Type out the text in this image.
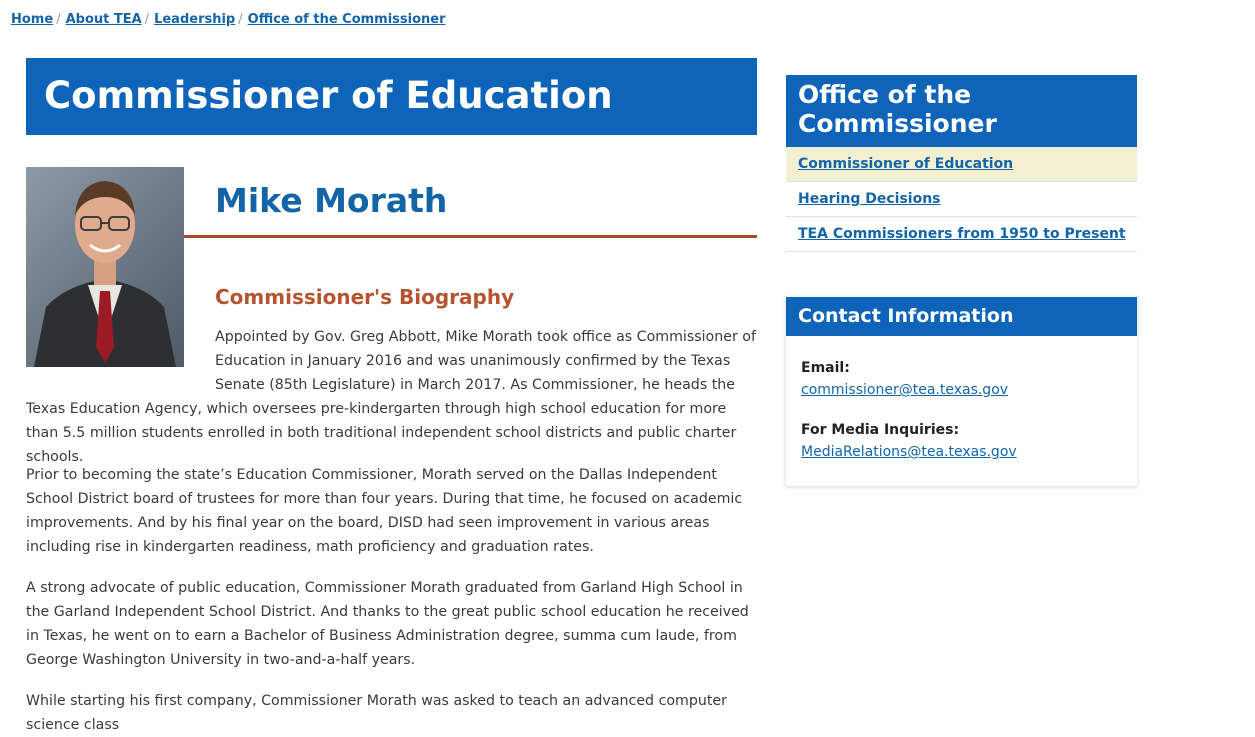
Home / About TEA / Leadership / Office of the Commissioner
Commissioner of Education
Mike Morath
Commissioner's Biography

Appointed by Gov. Greg Abbott, Mike Morath took office as Commissioner of Education in January 2016 and was unanimously confirmed by the Texas Senate (85th Legislature) in March 2017. As Commissioner, he heads the Texas Education Agency, which oversees pre-kindergarten through high school education for more than 5.5 million students enrolled in both traditional independent school districts and public charter schools.

Prior to becoming the state’s Education Commissioner, Morath served on the Dallas Independent School District board of trustees for more than four years. During that time, he focused on academic improvements. And by his final year on the board, DISD had seen improvement in various areas including rise in kindergarten readiness, math proficiency and graduation rates.

A strong advocate of public education, Commissioner Morath graduated from Garland High School in the Garland Independent School District. And thanks to the great public school education he received in Texas, he went on to earn a Bachelor of Business Administration degree, summa cum laude, from George Washington University in two-and-a-half years.

While starting his first company, Commissioner Morath was asked to teach an advanced computer science class

Office of the Commissioner
Commissioner of Education
Hearing Decisions
TEA Commissioners from 1950 to Present
Contact Information
Email:
commissioner@tea.texas.gov
For Media Inquiries:
MediaRelations@tea.texas.gov
